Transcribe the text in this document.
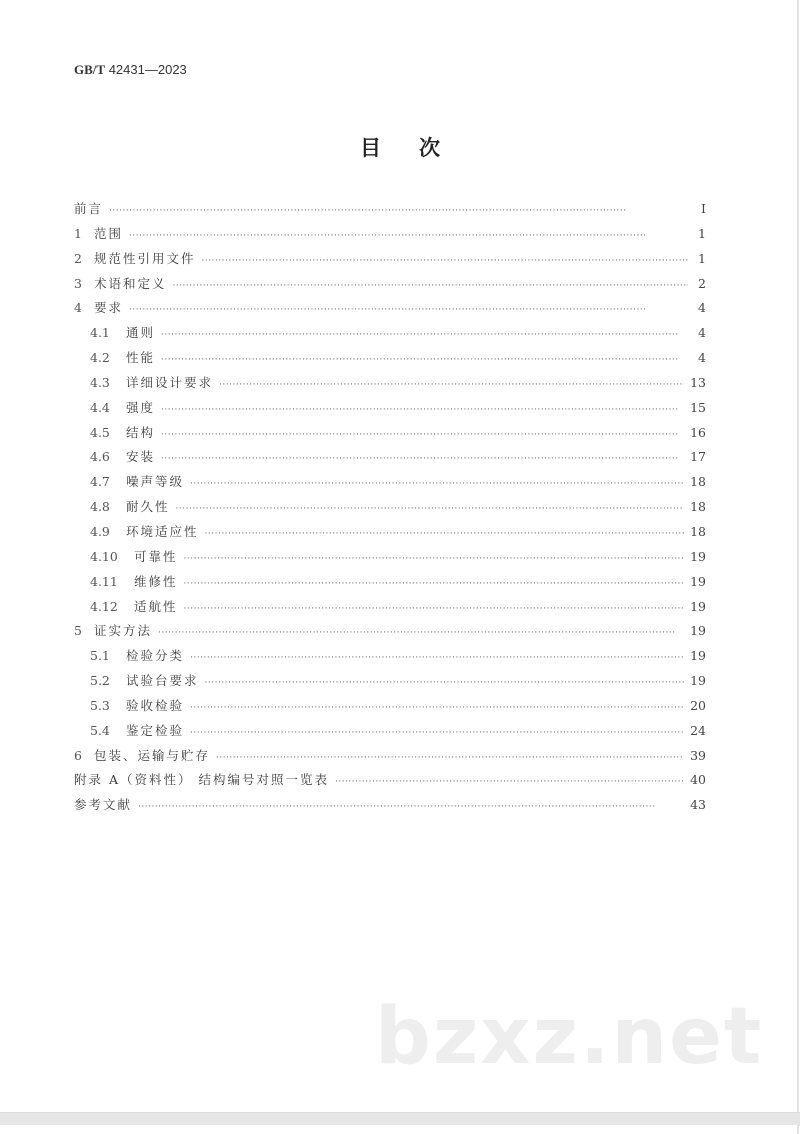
GB/T 42431—2023
目次
前言 ·····	Ⅰ
1 范围 ·····	1
2 规范性引用文件 ·····	1
3 术语和定义 ·····	2
4 要求 ·····	4
4.1	通则 ·····	4
4.2	性能 ·····	4
4.3	详细设计要求 ·····	13
4.4	强度 ·····	15
4.5	结构 ·····	16
4.6	安装 ·····	17
4.7	噪声等级 ·····	18
4.8	耐久性 ·····	18
4.9	环境适应性 ·····	18
4.10	可靠性 ·····	19
4.11	维修性 ·····	19
4.12	适航性 ·····	19
5 证实方法 ·····	19
5.1	检验分类 ·····	19
5.2	试验台要求 ·····	19
5.3	验收检验 ·····	20
5.4	鉴定检验 ·····	24
6 包装、运输与贮存 ·····	39
附录 A（资料性） 结构编号对照一览表 ·····	40
参考文献 ·····	43
bzxz.net
